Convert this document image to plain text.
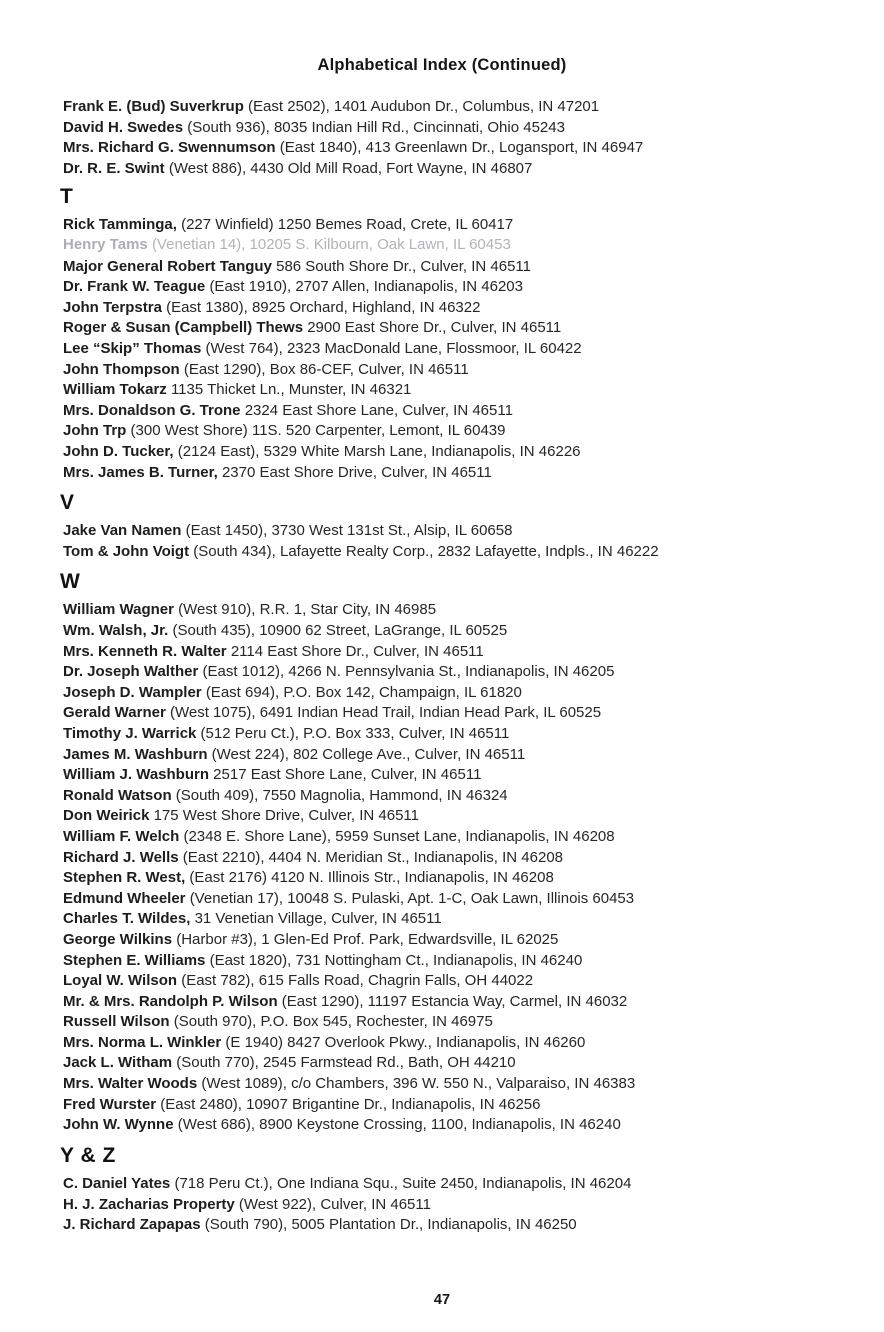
Alphabetical Index (Continued)
Frank E. (Bud) Suverkrup (East 2502), 1401 Audubon Dr., Columbus, IN 47201
David H. Swedes (South 936), 8035 Indian Hill Rd., Cincinnati, Ohio 45243
Mrs. Richard G. Swennumson (East 1840), 413 Greenlawn Dr., Logansport, IN 46947
Dr. R. E. Swint (West 886), 4430 Old Mill Road, Fort Wayne, IN 46807
T
Rick Tamminga, (227 Winfield) 1250 Bemes Road, Crete, IL 60417
Henry Tams (Venetian 14), 10205 S. Kilbourn, Oak Lawn, IL 60453
Major General Robert Tanguy 586 South Shore Dr., Culver, IN 46511
Dr. Frank W. Teague (East 1910), 2707 Allen, Indianapolis, IN 46203
John Terpstra (East 1380), 8925 Orchard, Highland, IN 46322
Roger & Susan (Campbell) Thews 2900 East Shore Dr., Culver, IN 46511
Lee “Skip” Thomas (West 764), 2323 MacDonald Lane, Flossmoor, IL 60422
John Thompson (East 1290), Box 86-CEF, Culver, IN 46511
William Tokarz 1135 Thicket Ln., Munster, IN 46321
Mrs. Donaldson G. Trone 2324 East Shore Lane, Culver, IN 46511
John Trp (300 West Shore) 11S. 520 Carpenter, Lemont, IL 60439
John D. Tucker, (2124 East), 5329 White Marsh Lane, Indianapolis, IN 46226
Mrs. James B. Turner, 2370 East Shore Drive, Culver, IN 46511
V
Jake Van Namen (East 1450), 3730 West 131st St., Alsip, IL 60658
Tom & John Voigt (South 434), Lafayette Realty Corp., 2832 Lafayette, Indpls., IN 46222
W
William Wagner (West 910), R.R. 1, Star City, IN 46985
Wm. Walsh, Jr. (South 435), 10900 62 Street, LaGrange, IL 60525
Mrs. Kenneth R. Walter 2114 East Shore Dr., Culver, IN 46511
Dr. Joseph Walther (East 1012), 4266 N. Pennsylvania St., Indianapolis, IN 46205
Joseph D. Wampler (East 694), P.O. Box 142, Champaign, IL 61820
Gerald Warner (West 1075), 6491 Indian Head Trail, Indian Head Park, IL 60525
Timothy J. Warrick (512 Peru Ct.), P.O. Box 333, Culver, IN 46511
James M. Washburn (West 224), 802 College Ave., Culver, IN 46511
William J. Washburn 2517 East Shore Lane, Culver, IN 46511
Ronald Watson (South 409), 7550 Magnolia, Hammond, IN 46324
Don Weirick 175 West Shore Drive, Culver, IN 46511
William F. Welch (2348 E. Shore Lane), 5959 Sunset Lane, Indianapolis, IN 46208
Richard J. Wells (East 2210), 4404 N. Meridian St., Indianapolis, IN 46208
Stephen R. West, (East 2176) 4120 N. Illinois Str., Indianapolis, IN 46208
Edmund Wheeler (Venetian 17), 10048 S. Pulaski, Apt. 1-C, Oak Lawn, Illinois 60453
Charles T. Wildes, 31 Venetian Village, Culver, IN 46511
George Wilkins (Harbor #3), 1 Glen-Ed Prof. Park, Edwardsville, IL 62025
Stephen E. Williams (East 1820), 731 Nottingham Ct., Indianapolis, IN 46240
Loyal W. Wilson (East 782), 615 Falls Road, Chagrin Falls, OH 44022
Mr. & Mrs. Randolph P. Wilson (East 1290), 11197 Estancia Way, Carmel, IN 46032
Russell Wilson (South 970), P.O. Box 545, Rochester, IN 46975
Mrs. Norma L. Winkler (E 1940) 8427 Overlook Pkwy., Indianapolis, IN 46260
Jack L. Witham (South 770), 2545 Farmstead Rd., Bath, OH 44210
Mrs. Walter Woods (West 1089), c/o Chambers, 396 W. 550 N., Valparaiso, IN 46383
Fred Wurster (East 2480), 10907 Brigantine Dr., Indianapolis, IN 46256
John W. Wynne (West 686), 8900 Keystone Crossing, 1100, Indianapolis, IN 46240
Y & Z
C. Daniel Yates (718 Peru Ct.), One Indiana Squ., Suite 2450, Indianapolis, IN 46204
H. J. Zacharias Property (West 922), Culver, IN 46511
J. Richard Zapapas (South 790), 5005 Plantation Dr., Indianapolis, IN 46250
47
